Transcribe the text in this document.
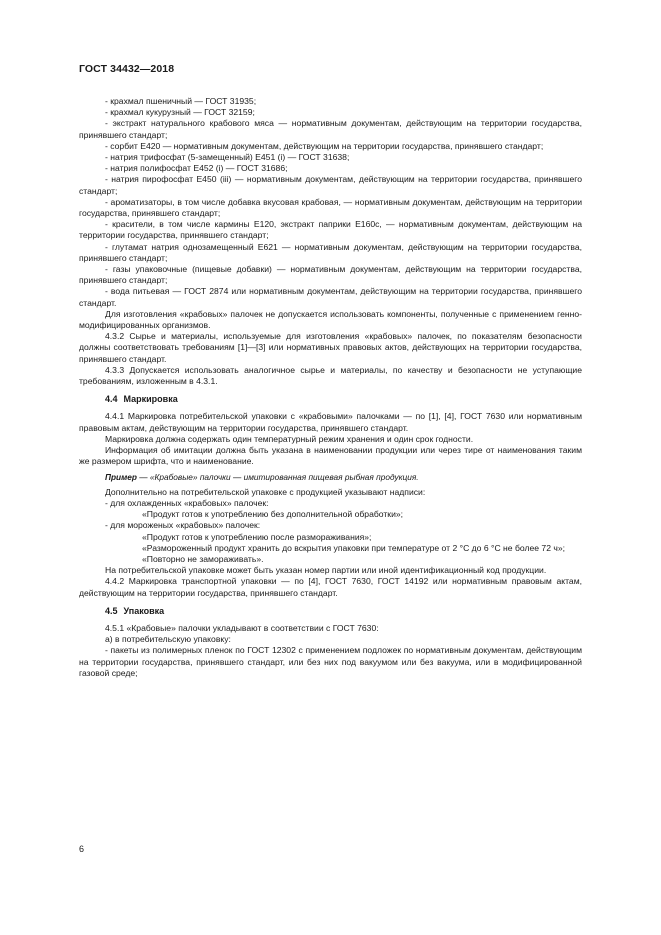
ГОСТ 34432—2018

- крахмал пшеничный — ГОСТ 31935;

- крахмал кукурузный — ГОСТ 32159;

- экстракт натурального крабового мяса — нормативным документам, действующим на территории государства, принявшего стандарт;

- сорбит Е420 — нормативным документам, действующим на территории государства, принявшего стандарт;

- натрия трифосфат (5-замещенный) Е451 (i) — ГОСТ 31638;

- натрия полифосфат Е452 (i) — ГОСТ 31686;

- натрия пирофосфат Е450 (iii) — нормативным документам, действующим на территории государства, принявшего стандарт;

- ароматизаторы, в том числе добавка вкусовая крабовая, — нормативным документам, действующим на территории государства, принявшего стандарт;

- красители, в том числе кармины Е120, экстракт паприки Е160с, — нормативным документам, действующим на территории государства, принявшего стандарт;

- глутамат натрия однозамещенный Е621 — нормативным документам, действующим на территории государства, принявшего стандарт;

- газы упаковочные (пищевые добавки) — нормативным документам, действующим на территории государства, принявшего стандарт;

- вода питьевая — ГОСТ 2874 или нормативным документам, действующим на территории государства, принявшего стандарт.

Для изготовления «крабовых» палочек не допускается использовать компоненты, полученные с применением генно-модифицированных организмов.

4.3.2 Сырье и материалы, используемые для изготовления «крабовых» палочек, по показателям безопасности должны соответствовать требованиям [1]—[3] или нормативных правовых актов, действующих на территории государства, принявшего стандарт.

4.3.3 Допускается использовать аналогичное сырье и материалы, по качеству и безопасности не уступающие требованиям, изложенным в 4.3.1.

4.4 Маркировка

4.4.1 Маркировка потребительской упаковки с «крабовыми» палочками — по [1], [4], ГОСТ 7630 или нормативным правовым актам, действующим на территории государства, принявшего стандарт.

Маркировка должна содержать один температурный режим хранения и один срок годности.

Информация об имитации должна быть указана в наименовании продукции или через тире от наименования таким же размером шрифта, что и наименование.

Пример — «Крабовые» палочки — имитированная пищевая рыбная продукция.

Дополнительно на потребительской упаковке с продукцией указывают надписи:

- для охлажденных «крабовых» палочек:

«Продукт готов к употреблению без дополнительной обработки»;

- для мороженых «крабовых» палочек:

«Продукт готов к употреблению после размораживания»;

«Размороженный продукт хранить до вскрытия упаковки при температуре от 2 °С до 6 °С не более 72 ч»;

«Повторно не замораживать».

На потребительской упаковке может быть указан номер партии или иной идентификационный код продукции.

4.4.2 Маркировка транспортной упаковки — по [4], ГОСТ 7630, ГОСТ 14192 или нормативным правовым актам, действующим на территории государства, принявшего стандарт.

4.5 Упаковка

4.5.1 «Крабовые» палочки укладывают в соответствии с ГОСТ 7630:

а) в потребительскую упаковку:

- пакеты из полимерных пленок по ГОСТ 12302 с применением подложек по нормативным документам, действующим на территории государства, принявшего стандарт, или без них под вакуумом или без вакуума, или в модифицированной газовой среде;

6
